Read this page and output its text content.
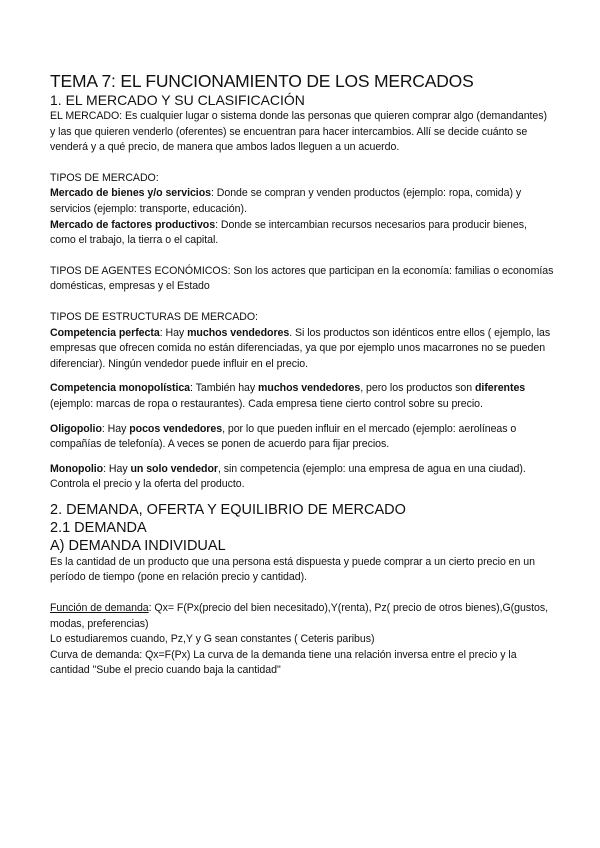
TEMA 7: EL FUNCIONAMIENTO DE LOS MERCADOS
1. EL MERCADO Y SU CLASIFICACIÓN

EL MERCADO: Es cualquier lugar o sistema donde las personas que quieren comprar algo (demandantes) y las que quieren venderlo (oferentes) se encuentran para hacer intercambios. Allí se decide cuánto se venderá y a qué precio, de manera que ambos lados lleguen a un acuerdo.

TIPOS DE MERCADO:

Mercado de bienes y/o servicios: Donde se compran y venden productos (ejemplo: ropa, comida) y servicios (ejemplo: transporte, educación).

Mercado de factores productivos: Donde se intercambian recursos necesarios para producir bienes, como el trabajo, la tierra o el capital.

TIPOS DE AGENTES ECONÓMICOS: Son los actores que participan en la economía: familias o economías domésticas, empresas y el Estado

TIPOS DE ESTRUCTURAS DE MERCADO:

Competencia perfecta: Hay muchos vendedores. Si los productos son idénticos entre ellos ( ejemplo, las empresas que ofrecen comida no están diferenciadas, ya que por ejemplo unos macarrones no se pueden diferenciar). Ningún vendedor puede influir en el precio.

Competencia monopolística: También hay muchos vendedores, pero los productos son diferentes (ejemplo: marcas de ropa o restaurantes). Cada empresa tiene cierto control sobre su precio.

Oligopolio: Hay pocos vendedores, por lo que pueden influir en el mercado (ejemplo: aerolíneas o compañías de telefonía). A veces se ponen de acuerdo para fijar precios.

Monopolio: Hay un solo vendedor, sin competencia (ejemplo: una empresa de agua en una ciudad). Controla el precio y la oferta del producto.

2. DEMANDA, OFERTA Y EQUILIBRIO DE MERCADO
2.1 DEMANDA
A) DEMANDA INDIVIDUAL

Es la cantidad de un producto que una persona está dispuesta y puede comprar a un cierto precio en un período de tiempo (pone en relación precio y cantidad).

Función de demanda: Qx= F(Px(precio del bien necesitado),Y(renta), Pz( precio de otros bienes),G(gustos, modas, preferencias)

Lo estudiaremos cuando, Pz,Y y G sean constantes ( Ceteris paribus)

Curva de demanda: Qx=F(Px) La curva de la demanda tiene una relación inversa entre el precio y la cantidad "Sube el precio cuando baja la cantidad"
